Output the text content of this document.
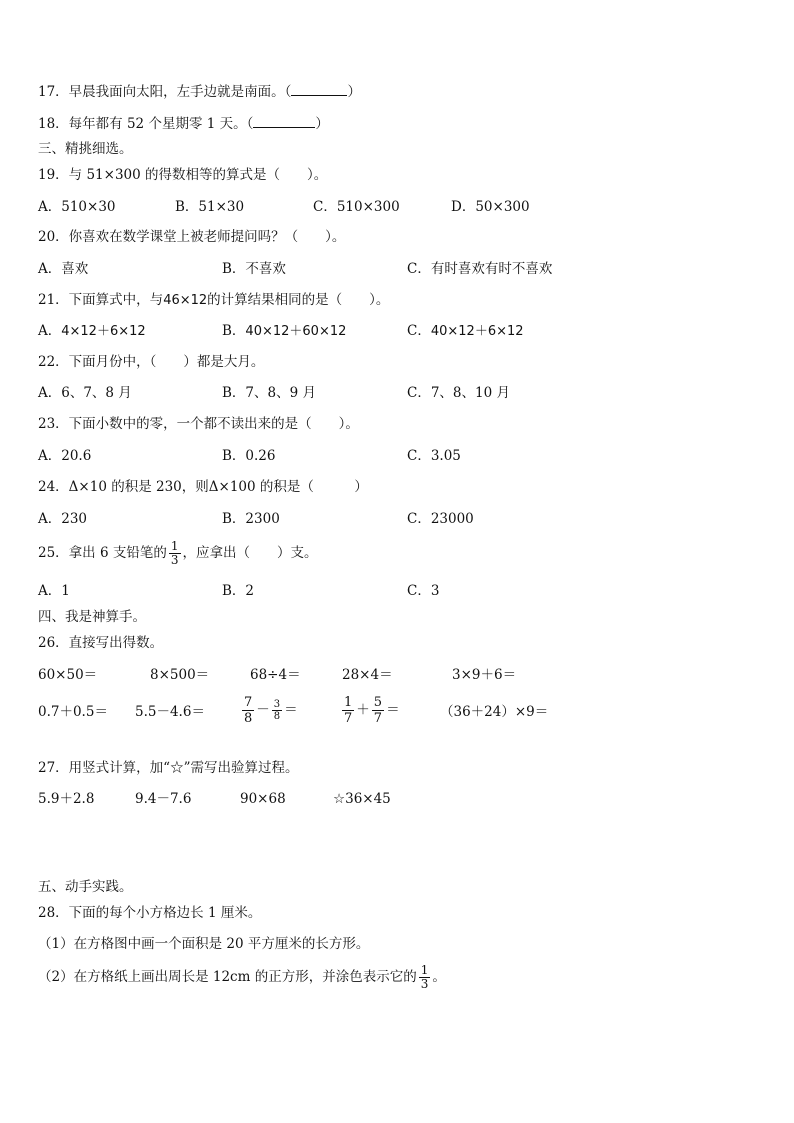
17．早晨我面向太阳，左手边就是南面。（	）
18．每年都有 52 个星期零 1 天。（	）
三、精挑细选。
19．与 51×300 的得数相等的算式是（　　）。
A．510×30	B．51×30	C．510×300	D．50×300
20．你喜欢在数学课堂上被老师提问吗？（　　）。
A．喜欢	B．不喜欢	C．有时喜欢有时不喜欢
21．下面算式中，与46×12的计算结果相同的是（　　）。
A．4×12＋6×12	B．40×12＋60×12	C．40×12＋6×12
22．下面月份中，（　　）都是大月。
A．6、7、8 月	B．7、8、9 月	C．7、8、10 月
23．下面小数中的零，一个都不读出来的是（　　）。
A．20.6	B．0.26	C．3.05
24．Δ×10 的积是 230，则Δ×100 的积是（　　　）
A．230	B．2300	C．23000
25．拿出 6 支铅笔的 $\frac{1}{3}$ ，应拿出（　　）支。
A．1	B．2	C．3
四、我是神算手。
26．直接写出得数。
60×50＝	8×500＝	68÷4＝	28×4＝	3×9＋6＝
0.7＋0.5＝ 5.5－4.6＝	$\frac{7}{8} - \frac{3}{8}$ ＝	$\frac{1}{7} + \frac{5}{7}$ ＝	（36＋24）×9＝
27．用竖式计算，加“☆”需写出验算过程。
5.9＋2.8	9.4－7.6	90×68	☆36×45
五、动手实践。
28．下面的每个小方格边长 1 厘米。
（1）在方格图中画一个面积是 20 平方厘米的长方形。
（2）在方格纸上画出周长是 12cm 的正方形，并涂色表示它的 $\frac{1}{3}$ 。
